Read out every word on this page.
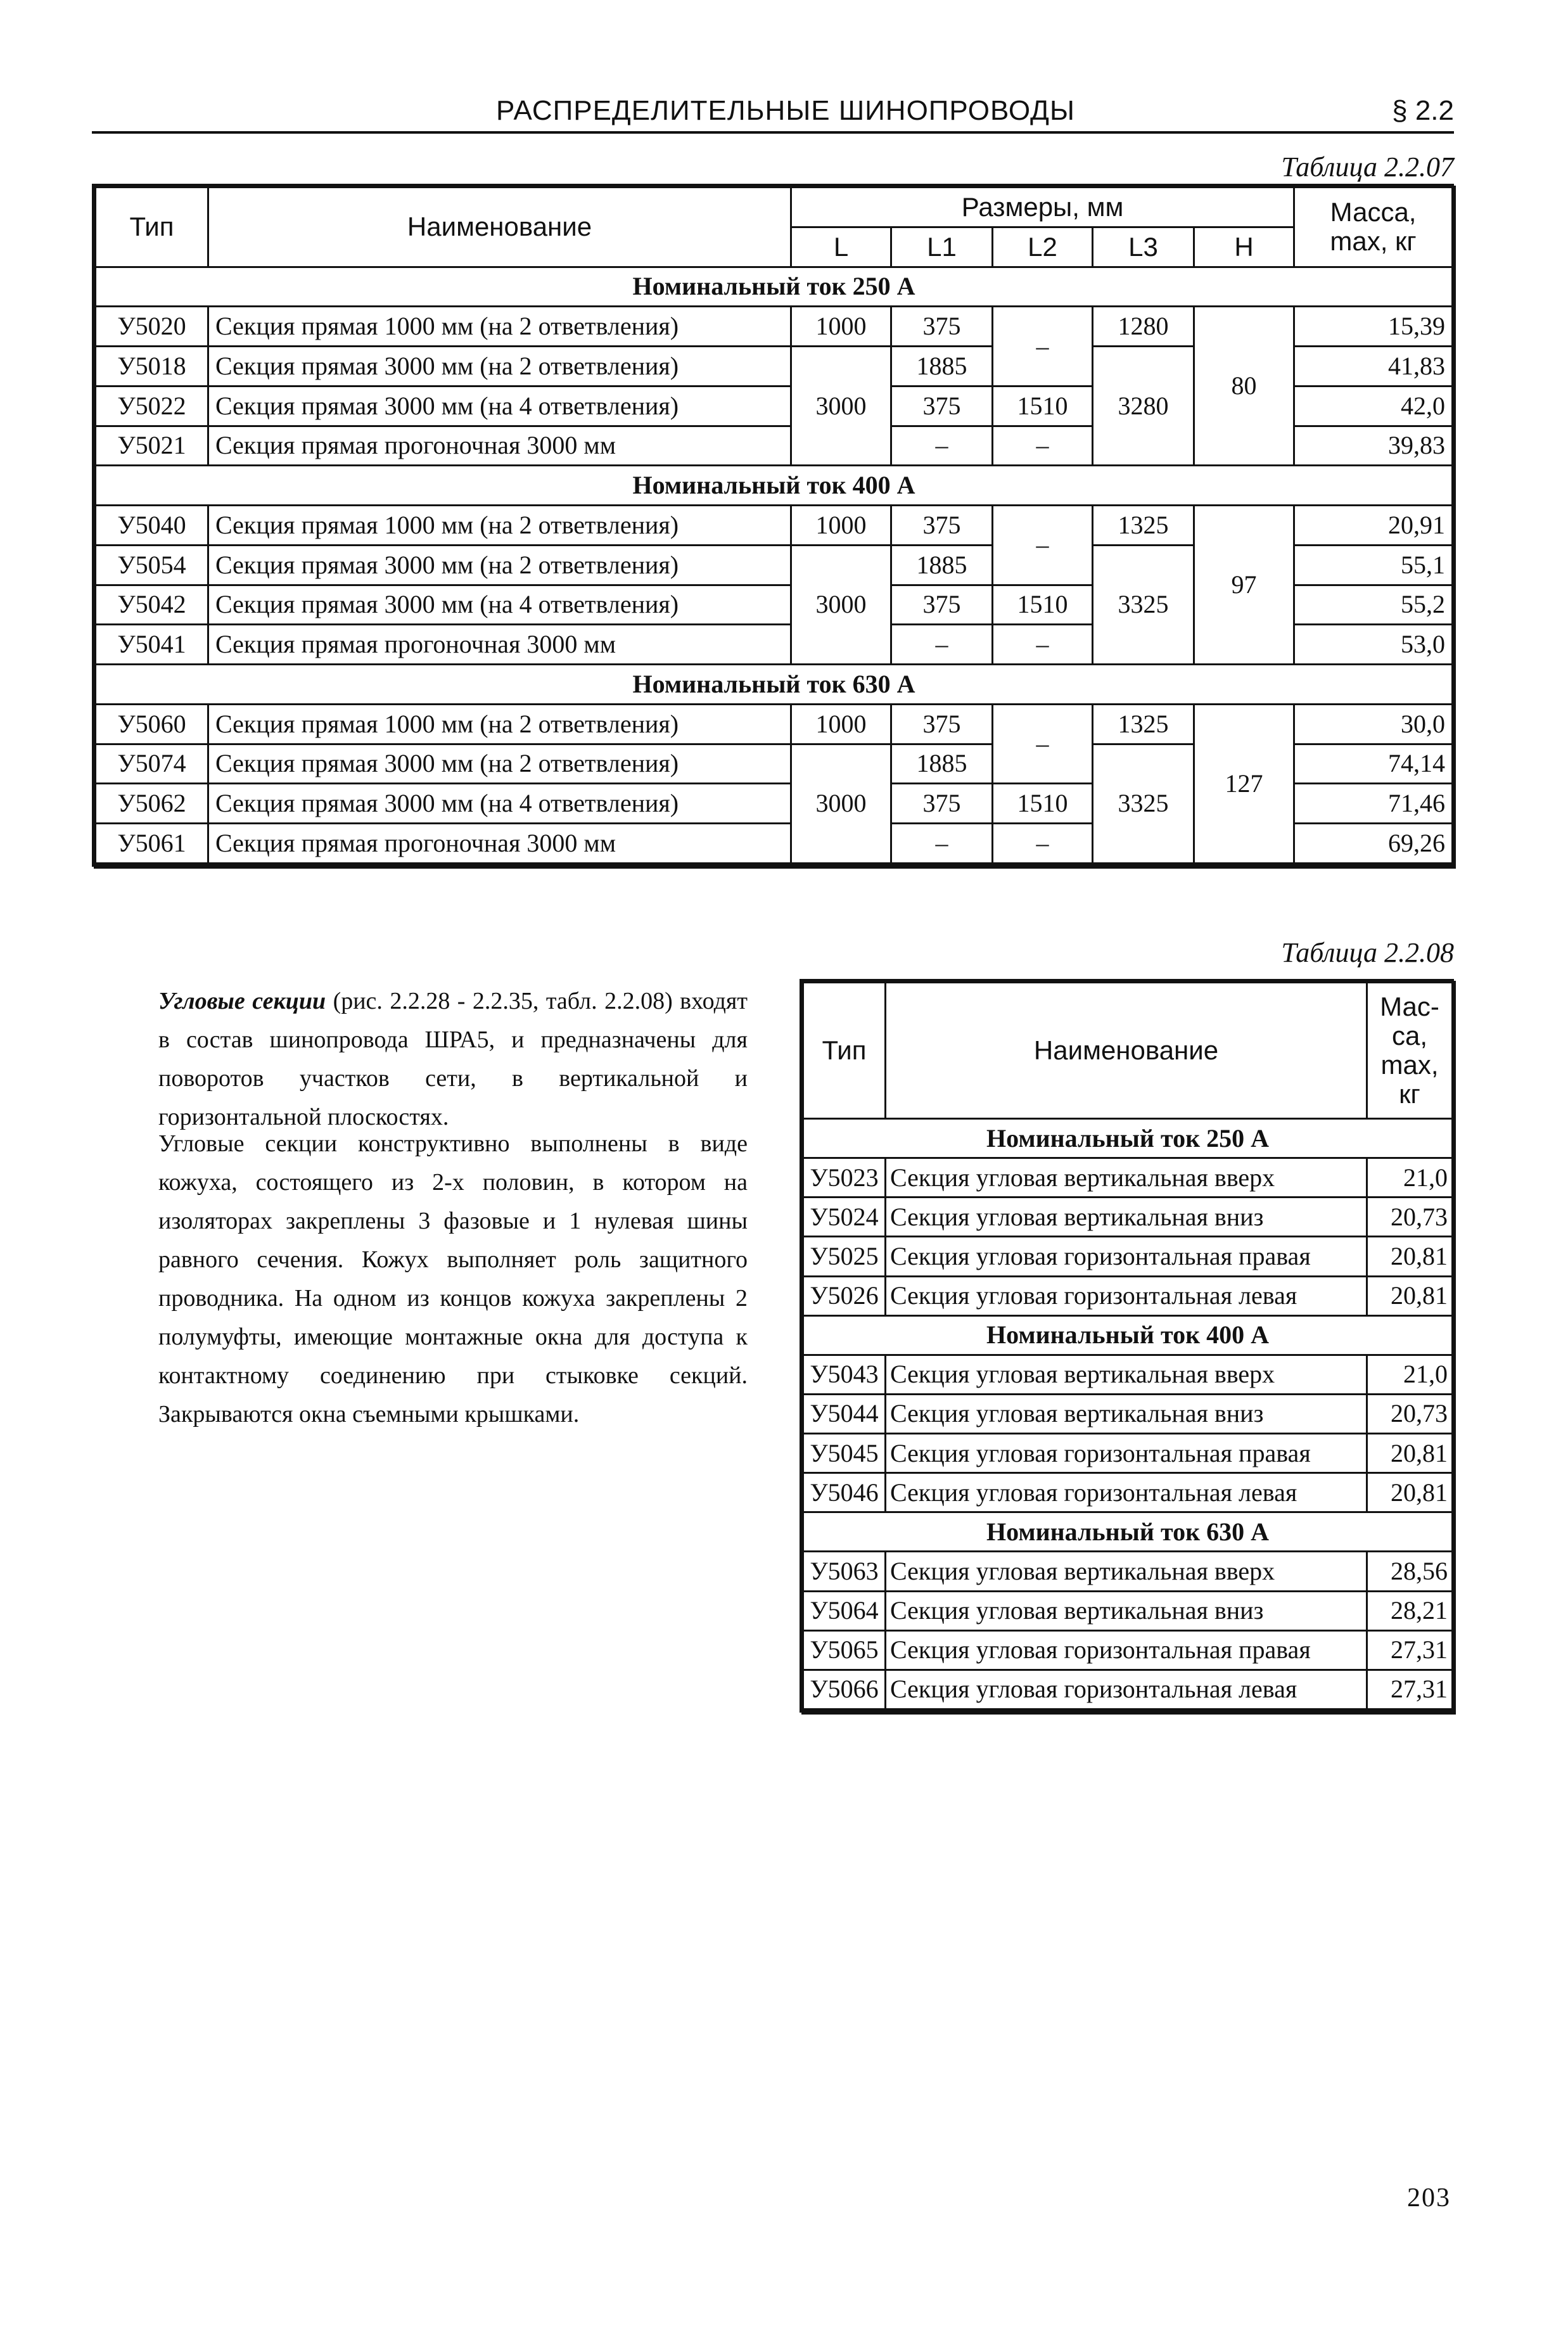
РАСПРЕДЕЛИТЕЛЬНЫЕ ШИНОПРОВОДЫ	§ 2.2
Таблица 2.2.07
Тип	Наименование	Размеры, мм					Масса,
max, кг

		L	L1	L2	L3	H	
Номинальный ток 250 А							
У5020	Секция прямая 1000 мм (на 2 ответвления)	1000	375	–	1280	80	15,39
У5018	Секция прямая 3000 мм (на 2 ответвления)	3000	1885		3280		41,83
У5022	Секция прямая 3000 мм (на 4 ответвления)		375	1510			42,0
У5021	Секция прямая прогоночная 3000 мм		–	–			39,83
Номинальный ток 400 А							
У5040	Секция прямая 1000 мм (на 2 ответвления)	1000	375	–	1325	97	20,91
У5054	Секция прямая 3000 мм (на 2 ответвления)	3000	1885		3325		55,1
У5042	Секция прямая 3000 мм (на 4 ответвления)		375	1510			55,2
У5041	Секция прямая прогоночная 3000 мм		–	–			53,0
Номинальный ток 630 А							
У5060	Секция прямая 1000 мм (на 2 ответвления)	1000	375	–	1325	127	30,0
У5074	Секция прямая 3000 мм (на 2 ответвления)	3000	1885		3325		74,14
У5062	Секция прямая 3000 мм (на 4 ответвления)		375	1510			71,46
У5061	Секция прямая прогоночная 3000 мм		–	–			69,26
Таблица 2.2.08

Угловые секции (рис. 2.2.28 - 2.2.35, табл. 2.2.08) входят в состав шинопровода ШРА5, и предназначены для поворотов участков сети, в вертикальной и горизонтальной плоскостях.

Угловые секции конструктивно выполнены в виде кожуха, состоящего из 2-х половин, в котором на изоляторах закреплены 3 фазовые и 1 нулевая шины равного сечения. Кожух выполняет роль защитного проводника. На одном из концов кожуха закреплены 2 полумуфты, имеющие монтажные окна для доступа к контактному соединению при стыковке секций. Закрываются окна съемными крышками.

Тип	Наименование	Мас- са, max, кг
Номинальный ток 250 А		
У5023	Секция угловая вертикальная вверх	21,0
У5024	Секция угловая вертикальная вниз	20,73
У5025	Секция угловая горизонтальная правая	20,81
У5026	Секция угловая горизонтальная левая	20,81
Номинальный ток 400 А		
У5043	Секция угловая вертикальная вверх	21,0
У5044	Секция угловая вертикальная вниз	20,73
У5045	Секция угловая горизонтальная правая	20,81
У5046	Секция угловая горизонтальная левая	20,81
Номинальный ток 630 А		
У5063	Секция угловая вертикальная вверх	28,56
У5064	Секция угловая вертикальная вниз	28,21
У5065	Секция угловая горизонтальная правая	27,31
У5066	Секция угловая горизонтальная левая	27,31
203
